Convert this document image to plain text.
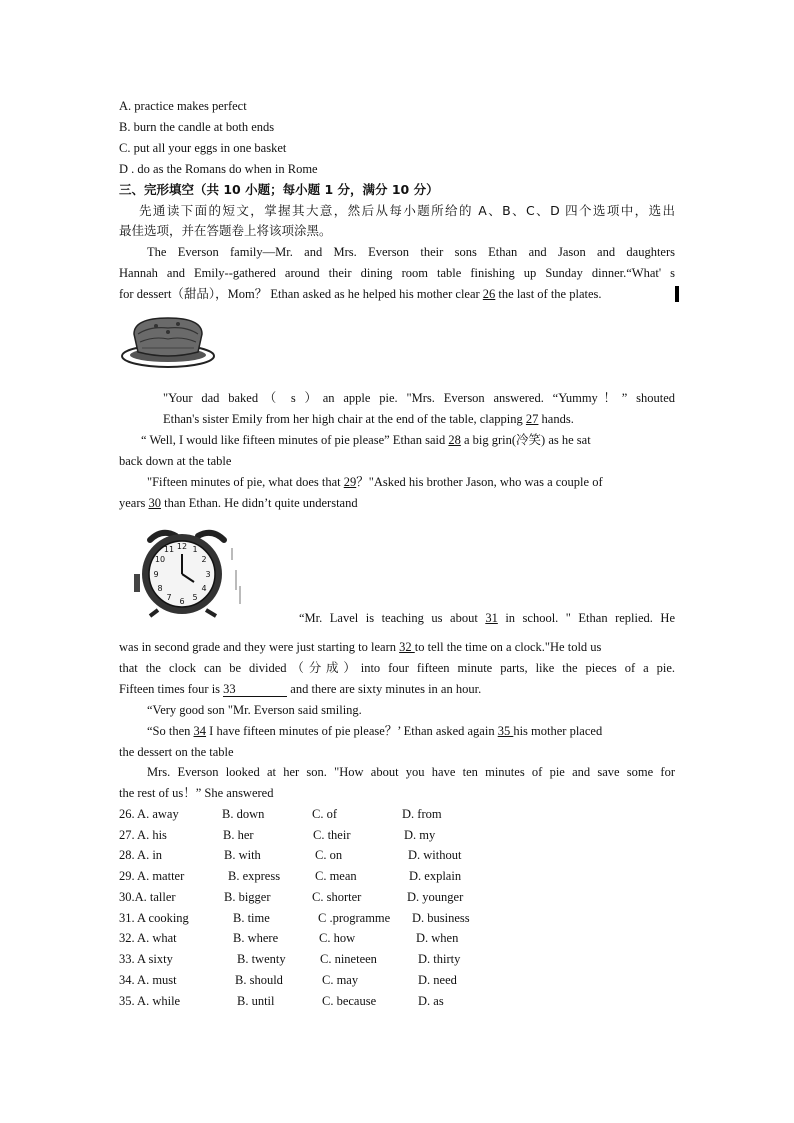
A. practice makes perfect
B. burn the candle at both ends
C. put all your eggs in one basket
D . do as the Romans do when in Rome
三、完形填空（共 10 小题；每小题 1 分，满分 10 分）
先通读下面的短文，掌握其大意，然后从每小题所给的 A、B、C、D 四个选项中，选出
最佳选项，并在答题卷上将该项涂黑。
The Everson family—Mr. and Mrs. Everson their sons Ethan and Jason and daughters
Hannah and Emily--gathered around their dining room table finishing up Sunday dinner.“What' s
for dessert（甜品），Mom？ Ethan asked as he helped his mother clear 26 the last of the plates.
"Your dad baked（ s ）an apple pie. "Mrs. Everson answered. “Yummy！” shouted
Ethan's sister Emily from her high chair at the end of the table, clapping 27 hands.
“ Well, I would like fifteen minutes of pie please” Ethan said 28 a big grin(冷笑) as he sat
back down at the table
"Fifteen minutes of pie, what does that 29？"Asked his brother Jason, who was a couple of
years 30 than Ethan. He didn’t quite understand
12 1
2
3
4
5
6
7
8
9
10
11
“Mr. Lavel is teaching us about 31 in school. " Ethan replied. He
was in second grade and they were just starting to learn 32 to tell the time on a clock."He told us
that the clock can be divided（分成）into four fifteen minute parts, like the pieces of a pie.
Fifteen times four is 33	and there are sixty minutes in an hour.
“Very good son "Mr. Everson said smiling.
“So then 34 I have fifteen minutes of pie please？’ Ethan asked again 35 his mother placed
the dessert on the table
Mrs. Everson looked at her son. "How about you have ten minutes of pie and save some for
the rest of us！” She answered
26. A. away	B. down	C. of	D. from
27. A. his	B. her	C. their	D. my
28. A. in	B. with	C. on	D. without
29. A. matter	B. express	C. mean	D. explain
30.A. taller	B. bigger	C. shorter	D. younger
31. A cooking	B. time	C .programme D. business
32. A. what	B. where	C. how	D. when
33. A sixty	B. twenty	C. nineteen	D. thirty
34. A. must	B. should	C. may	D. need
35. A. while	B. until	C. because	D. as
